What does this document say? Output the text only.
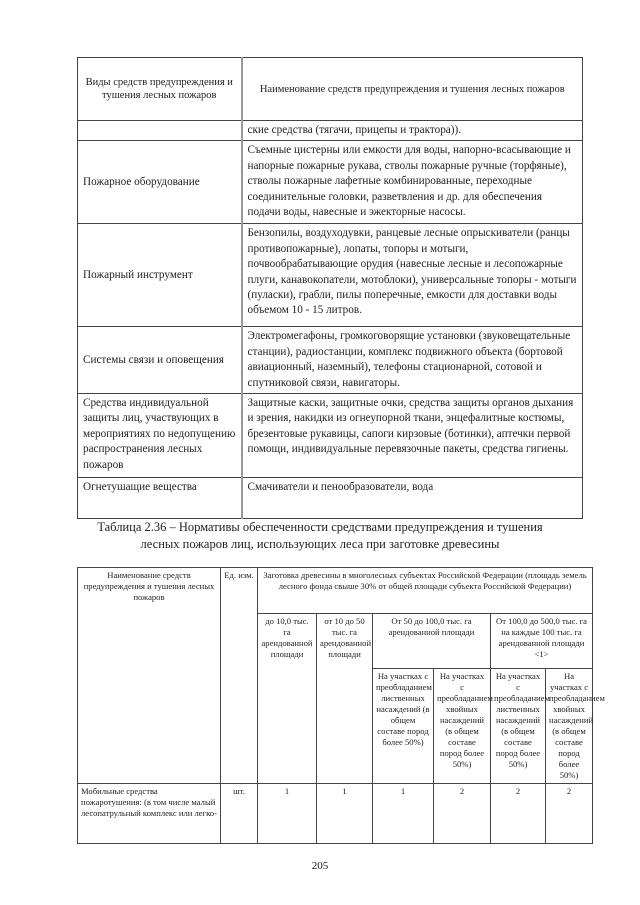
Виды средств предупреждения и тушения лесных пожаров	Наименование средств предупреждения и тушения лесных пожаров
	ские средства (тягачи, прицепы и трактора)).
Пожарное оборудование	Съемные цистерны или емкости для воды, напорно-всасывающие и напорные пожарные рукава, стволы пожарные ручные (торфяные), стволы пожарные лафетные комбинированные, переходные соединительные головки, разветвления и др. для обеспечения подачи воды, навесные и эжекторные насосы.
Пожарный инструмент	Бензопилы, воздуходувки, ранцевые лесные опрыскиватели (ранцы противопожарные), лопаты, топоры и мотыги, почвообрабатывающие орудия (навесные лесные и лесопожарные плуги, канавокопатели, мотоблоки), универсальные топоры - мотыги (пуласки), грабли, пилы поперечные, емкости для доставки воды объемом 10 - 15 литров.
Системы связи и оповещения	Электромегафоны, громкоговорящие установки (звуковещательные станции), радиостанции, комплекс подвижного объекта (бортовой авиационный, наземный), телефоны стационарной, сотовой и спутниковой связи, навигаторы.
Средства индивидуальной защиты лиц, участвующих в мероприятиях по недопущению распространения лесных пожаров	Защитные каски, защитные очки, средства защиты органов дыхания и зрения, накидки из огнеупорной ткани, энцефалитные костюмы, брезентовые рукавицы, сапоги кирзовые (ботинки), аптечки первой помощи, индивидуальные перевязочные пакеты, средства гигиены.
Огнетушащие вещества	Смачиватели и пенообразователи, вода
Таблица 2.36 – Нормативы обеспеченности средствами предупреждения и тушения
лесных пожаров лиц, использующих леса при заготовке древесины
Наименование средств предупреждения и тушения лесных пожаров	Ед. изм.	Заготовка древесины в многолесных субъектах Российской Федерации (площадь земель лесного фонда свыше 30% от общей площади субъекта Российской Федерации)					
		до 10,0 тыс. га арендованной площади	от 10 до 50 тыс. га арендованной площади	От 50 до 100,0 тыс. га арендованной площади		От 100,0 до 500,0 тыс. га на каждые 100 тыс. га арендованной площади <1>	
				На участках с преобладанием лиственных насаждений (в общем составе пород более 50%)	На участках с преобладанием хвойных насаждений (в общем составе пород более 50%)	На участках с преобладанием лиственных насаждений (в общем составе пород более 50%)	На участках с преобладанием хвойных насаждений (в общем составе пород более 50%)
Мобильные средства пожаротушения: (в том числе малый лесопатрульный комплекс или легко-	шт.	1	1	1	2	2	2
205
